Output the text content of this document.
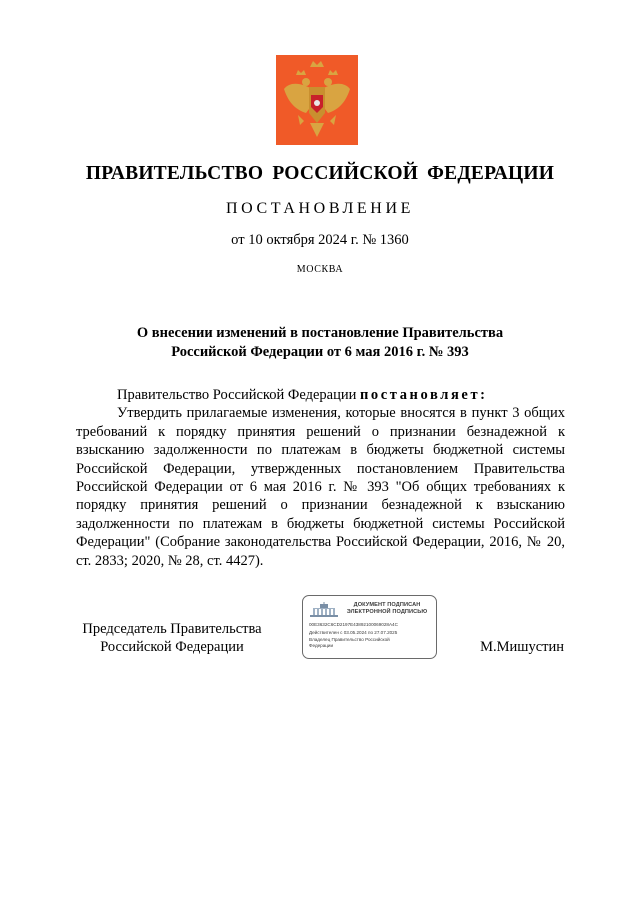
ПРАВИТЕЛЬСТВО РОССИЙСКОЙ ФЕДЕРАЦИИ
ПОСТАНОВЛЕНИЕ
от 10 октября 2024 г. № 1360
МОСКВА
О внесении изменений в постановление Правительства
Российской Федерации от 6 мая 2016 г. № 393

Правительство Российской Федерации постановляет:

Утвердить прилагаемые изменения, которые вносятся в пункт 3 общих требований к порядку принятия решений о признании безнадежной к взысканию задолженности по платежам в бюджеты бюджетной системы Российской Федерации, утвержденных постановлением Правительства Российской Федерации от 6 мая 2016 г. № 393 "Об общих требованиях к порядку принятия решений о признании безнадежной к взысканию задолженности по платежам в бюджеты бюджетной системы Российской Федерации" (Собрание законодательства Российской Федерации, 2016, № 20, ст. 2833; 2020, № 28, ст. 4427).

Председатель Правительства
Российской Федерации
ДОКУМЕНТ ПОДПИСАН
ЭЛЕКТРОННОЙ ПОДПИСЬЮ
00E3632C6CD2197E43892100069028A4C
Действителен с 03.05.2024 по 27.07.2025
Владелец Правительство Российской
Федерации	М.Мишустин
